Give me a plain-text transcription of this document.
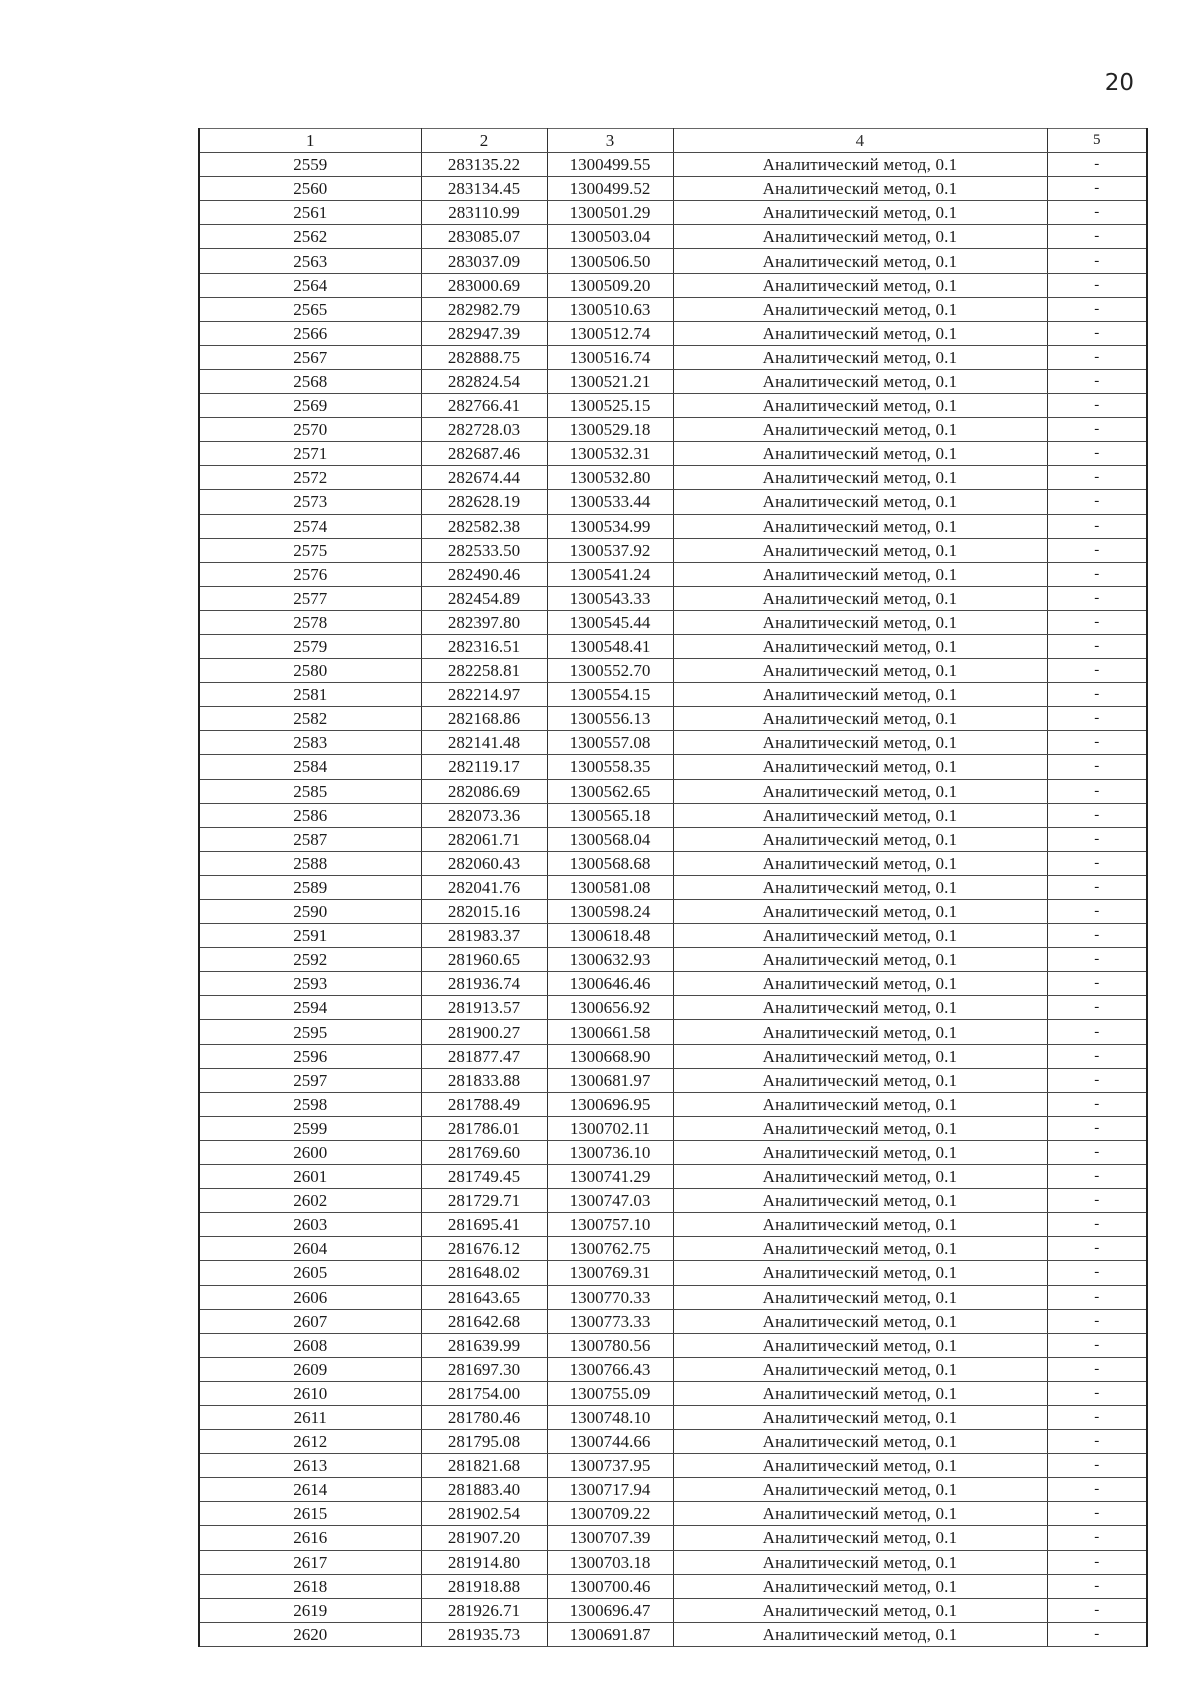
20
1	2	3	4	5
2559	283135.22	1300499.55	Аналитический метод, 0.1	-
2560	283134.45	1300499.52	Аналитический метод, 0.1	-
2561	283110.99	1300501.29	Аналитический метод, 0.1	-
2562	283085.07	1300503.04	Аналитический метод, 0.1	-
2563	283037.09	1300506.50	Аналитический метод, 0.1	-
2564	283000.69	1300509.20	Аналитический метод, 0.1	-
2565	282982.79	1300510.63	Аналитический метод, 0.1	-
2566	282947.39	1300512.74	Аналитический метод, 0.1	-
2567	282888.75	1300516.74	Аналитический метод, 0.1	-
2568	282824.54	1300521.21	Аналитический метод, 0.1	-
2569	282766.41	1300525.15	Аналитический метод, 0.1	-
2570	282728.03	1300529.18	Аналитический метод, 0.1	-
2571	282687.46	1300532.31	Аналитический метод, 0.1	-
2572	282674.44	1300532.80	Аналитический метод, 0.1	-
2573	282628.19	1300533.44	Аналитический метод, 0.1	-
2574	282582.38	1300534.99	Аналитический метод, 0.1	-
2575	282533.50	1300537.92	Аналитический метод, 0.1	-
2576	282490.46	1300541.24	Аналитический метод, 0.1	-
2577	282454.89	1300543.33	Аналитический метод, 0.1	-
2578	282397.80	1300545.44	Аналитический метод, 0.1	-
2579	282316.51	1300548.41	Аналитический метод, 0.1	-
2580	282258.81	1300552.70	Аналитический метод, 0.1	-
2581	282214.97	1300554.15	Аналитический метод, 0.1	-
2582	282168.86	1300556.13	Аналитический метод, 0.1	-
2583	282141.48	1300557.08	Аналитический метод, 0.1	-
2584	282119.17	1300558.35	Аналитический метод, 0.1	-
2585	282086.69	1300562.65	Аналитический метод, 0.1	-
2586	282073.36	1300565.18	Аналитический метод, 0.1	-
2587	282061.71	1300568.04	Аналитический метод, 0.1	-
2588	282060.43	1300568.68	Аналитический метод, 0.1	-
2589	282041.76	1300581.08	Аналитический метод, 0.1	-
2590	282015.16	1300598.24	Аналитический метод, 0.1	-
2591	281983.37	1300618.48	Аналитический метод, 0.1	-
2592	281960.65	1300632.93	Аналитический метод, 0.1	-
2593	281936.74	1300646.46	Аналитический метод, 0.1	-
2594	281913.57	1300656.92	Аналитический метод, 0.1	-
2595	281900.27	1300661.58	Аналитический метод, 0.1	-
2596	281877.47	1300668.90	Аналитический метод, 0.1	-
2597	281833.88	1300681.97	Аналитический метод, 0.1	-
2598	281788.49	1300696.95	Аналитический метод, 0.1	-
2599	281786.01	1300702.11	Аналитический метод, 0.1	-
2600	281769.60	1300736.10	Аналитический метод, 0.1	-
2601	281749.45	1300741.29	Аналитический метод, 0.1	-
2602	281729.71	1300747.03	Аналитический метод, 0.1	-
2603	281695.41	1300757.10	Аналитический метод, 0.1	-
2604	281676.12	1300762.75	Аналитический метод, 0.1	-
2605	281648.02	1300769.31	Аналитический метод, 0.1	-
2606	281643.65	1300770.33	Аналитический метод, 0.1	-
2607	281642.68	1300773.33	Аналитический метод, 0.1	-
2608	281639.99	1300780.56	Аналитический метод, 0.1	-
2609	281697.30	1300766.43	Аналитический метод, 0.1	-
2610	281754.00	1300755.09	Аналитический метод, 0.1	-
2611	281780.46	1300748.10	Аналитический метод, 0.1	-
2612	281795.08	1300744.66	Аналитический метод, 0.1	-
2613	281821.68	1300737.95	Аналитический метод, 0.1	-
2614	281883.40	1300717.94	Аналитический метод, 0.1	-
2615	281902.54	1300709.22	Аналитический метод, 0.1	-
2616	281907.20	1300707.39	Аналитический метод, 0.1	-
2617	281914.80	1300703.18	Аналитический метод, 0.1	-
2618	281918.88	1300700.46	Аналитический метод, 0.1	-
2619	281926.71	1300696.47	Аналитический метод, 0.1	-
2620	281935.73	1300691.87	Аналитический метод, 0.1	-
